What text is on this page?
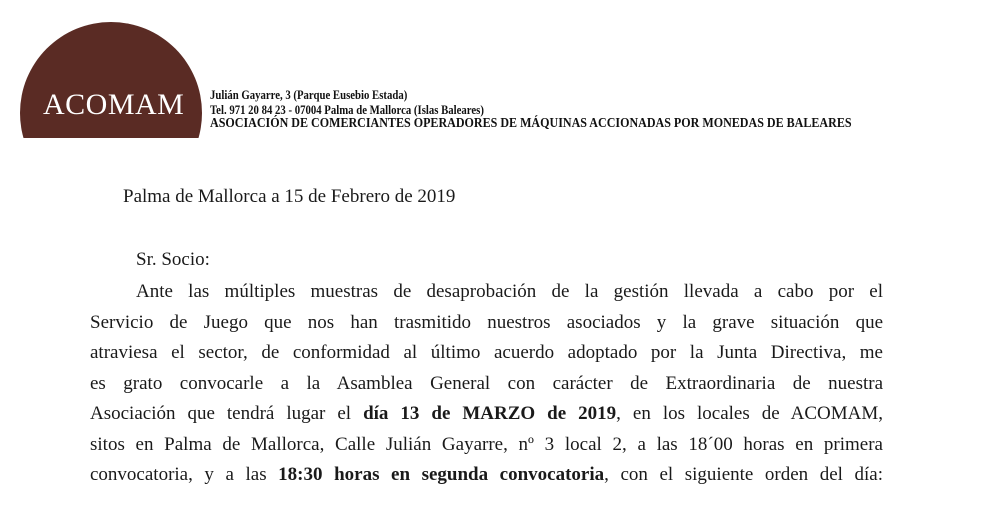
ACOMAM Julián Gayarre, 3 (Parque Eusebio Estada)
Tel. 971 20 84 23 - 07004 Palma de Mallorca (Islas Baleares)
ASOCIACIÓN DE COMERCIANTES OPERADORES DE MÁQUINAS ACCIONADAS POR MONEDAS DE BALEARES
Palma de Mallorca a 15 de Febrero de 2019
Sr. Socio:
Ante las múltiples muestras de desaprobación de la gestión llevada a cabo por el
Servicio de Juego que nos han trasmitido nuestros asociados y la grave situación que
atraviesa el sector, de conformidad al último acuerdo adoptado por la Junta Directiva, me
es grato convocarle a la Asamblea General con carácter de Extraordinaria de nuestra
Asociación que tendrá lugar el día 13 de MARZO de 2019, en los locales de ACOMAM,
sitos en Palma de Mallorca, Calle Julián Gayarre, nº 3 local 2, a las 18´00 horas en primera
convocatoria, y a las 18:30 horas en segunda convocatoria, con el siguiente orden del día:
